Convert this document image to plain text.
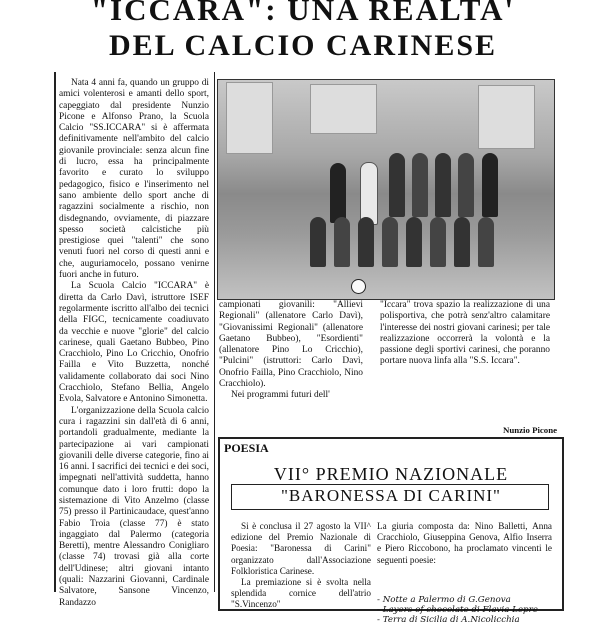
"ICCARA": UNA REALTA'
DEL CALCIO CARINESE

Nata 4 anni fa, quando un gruppo di amici volenterosi e amanti dello sport, capeggiato dal presidente Nunzio Picone e Alfonso Prano, la Scuola Calcio "SS.ICCARA" si è affermata definitivamente nell'ambito del calcio giovanile provinciale: senza alcun fine di lucro, essa ha principalmente favorito e curato lo sviluppo pedagogico, fisico e l'inserimento nel sano ambiente dello sport anche di ragazzini socialmente a rischio, non disdegnando, ovviamente, di piazzare spesso società calcistiche più prestigiose quei "talenti" che sono venuti fuori nel corso di questi anni e che, auguriamocelo, possano venirne fuori anche in futuro.

La Scuola Calcio "ICCARA" è diretta da Carlo Davì, istruttore ISEF regolarmente iscritto all'albo dei tecnici della FIGC, tecnicamente coadiuvato da vecchie e nuove "glorie" del calcio carinese, quali Gaetano Bubbeo, Pino Cracchiolo, Pino Lo Cricchio, Onofrio Failla e Vito Buzzetta, nonché validamente collaborato dai soci Nino Cracchiolo, Stefano Bellia, Angelo Evola, Salvatore e Antonino Simonetta.

L'organizzazione della Scuola calcio cura i ragazzini sin dall'età di 6 anni, portandoli gradualmente, mediante la partecipazione ai vari campionati giovanili delle diverse categorie, fino ai 16 anni. I sacrifici dei tecnici e dei soci, impegnati nell'attività suddetta, hanno comunque dato i loro frutti: dopo la sistemazione di Vito Anzelmo (classe 75) presso il Partinicaudace, quest'anno Fabio Troia (classe 77) è stato ingaggiato dal Palermo (categoria Beretti), mentre Alessandro Conigliaro (classe 74) trovasi già alla corte dell'Udinese; altri giovani intanto (quali: Nazzarini Giovanni, Cardinale Salvatore, Sansone Vincenzo, Randazzo

campionati giovanili: "Allievi Regionali" (allenatore Carlo Davì), "Giovanissimi Regionali" (allenatore Gaetano Bubbeo), "Esordienti" (allenatore Pino Lo Cricchio), "Pulcini" (istruttori: Carlo Davì, Onofrio Failla, Pino Cracchiolo, Nino Cracchiolo).

Nei programmi futuri dell'

"Iccara" trova spazio la realizzazione di una polisportiva, che potrà senz'altro calamitare l'interesse dei nostri giovani carinesi; per tale realizzazione occorrerà la volontà e la passione degli sportivi carinesi, che poranno portare nuova linfa alla "S.S. Iccara".

Nunzio Picone
POESIA
VII° PREMIO NAZIONALE
"BARONESSA DI CARINI"

Si è conclusa il 27 agosto la VII^ edizione del Premio Nazionale di Poesia: "Baronessa di Carini" organizzato dall'Associazione Folkloristica Carinese.

La premiazione si è svolta nella splendida cornice dell'atrio "S.Vincenzo"

La giuria composta da: Nino Balletti, Anna Cracchiolo, Giuseppina Genova, Alfio Inserra e Piero Riccobono, ha proclamato vincenti le seguenti poesie:

- Notte a Palermo di G.Genova
- Layers of chocolate di Flavia Lepre
- Terra di Sicilia di A.Nicolicchia
